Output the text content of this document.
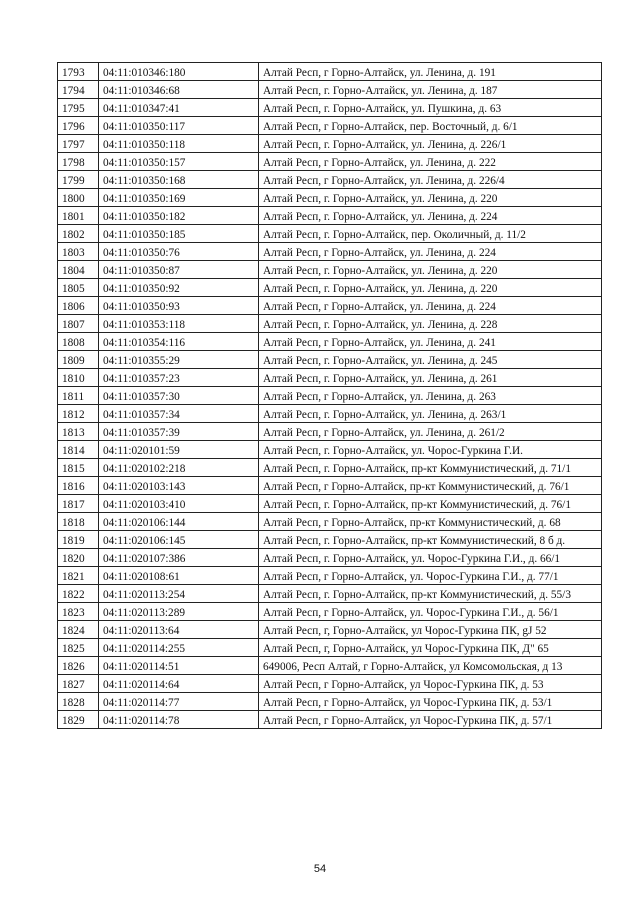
1793	04:11:010346:180	Алтай Респ, г Горно-Алтайск, ул. Ленина, д. 191
1794	04:11:010346:68	Алтай Респ, г. Горно-Алтайск, ул. Ленина, д. 187
1795	04:11:010347:41	Алтай Респ, г. Горно-Алтайск, ул. Пушкина, д. 63
1796	04:11:010350:117	Алтай Респ, г Горно-Алтайск, пер. Восточный, д. 6/1
1797	04:11:010350:118	Алтай Респ, г. Горно-Алтайск, ул. Ленина, д. 226/1
1798	04:11:010350:157	Алтай Респ, г Горно-Алтайск, ул. Ленина, д. 222
1799	04:11:010350:168	Алтай Респ, г Горно-Алтайск, ул. Ленина, д. 226/4
1800	04:11:010350:169	Алтай Респ, г. Горно-Алтайск, ул. Ленина, д. 220
1801	04:11:010350:182	Алтай Респ, г. Горно-Алтайск, ул. Ленина, д. 224
1802	04:11:010350:185	Алтай Респ, г. Горно-Алтайск, пер. Околичный, д. 11/2
1803	04:11:010350:76	Алтай Респ, г Горно-Алтайск, ул. Ленина, д. 224
1804	04:11:010350:87	Алтай Респ, г. Горно-Алтайск, ул. Ленина, д. 220
1805	04:11:010350:92	Алтай Респ, г. Горно-Алтайск, ул. Ленина, д. 220
1806	04:11:010350:93	Алтай Респ, г Горно-Алтайск, ул. Ленина, д. 224
1807	04:11:010353:118	Алтай Респ, г. Горно-Алтайск, ул. Ленина, д. 228
1808	04:11:010354:116	Алтай Респ, г Горно-Алтайск, ул. Ленина, д. 241
1809	04:11:010355:29	Алтай Респ, г. Горно-Алтайск, ул. Ленина, д. 245
1810	04:11:010357:23	Алтай Респ, г. Горно-Алтайск, ул. Ленина, д. 261
1811	04:11:010357:30	Алтай Респ, г Горно-Алтайск, ул. Ленина, д. 263
1812	04:11:010357:34	Алтай Респ, г. Горно-Алтайск, ул. Ленина, д. 263/1
1813	04:11:010357:39	Алтай Респ, г Горно-Алтайск, ул. Ленина, д. 261/2
1814	04:11:020101:59	Алтай Респ, г. Горно-Алтайск, ул. Чорос-Гуркина Г.И.
1815	04:11:020102:218	Алтай Респ, г. Горно-Алтайск, пр-кт Коммунистический, д. 71/1
1816	04:11:020103:143	Алтай Респ, г Горно-Алтайск, пр-кт Коммунистический, д. 76/1
1817	04:11:020103:410	Алтай Респ, г. Горно-Алтайск, пр-кт Коммунистический, д. 76/1
1818	04:11:020106:144	Алтай Респ, г Горно-Алтайск, пр-кт Коммунистический, д. 68
1819	04:11:020106:145	Алтай Респ, г. Горно-Алтайск, пр-кт Коммунистический, 8 б д.
1820	04:11:020107:386	Алтай Респ, г. Горно-Алтайск, ул. Чорос-Гуркина Г.И., д. 66/1
1821	04:11:020108:61	Алтай Респ, г Горно-Алтайск, ул. Чорос-Гуркина Г.И., д. 77/1
1822	04:11:020113:254	Алтай Респ, г. Горно-Алтайск, пр-кт Коммунистический, д. 55/3
1823	04:11:020113:289	Алтай Респ, г Горно-Алтайск, ул. Чорос-Гуркина Г.И., д. 56/1
1824	04:11:020113:64	Алтай Респ, г, Горно-Алтайск, ул Чорос-Гуркина ПК, gJ 52
1825	04:11:020114:255	Алтай Респ, г, Горно-Алтайск, ул Чорос-Гуркина ПК, Д" 65
1826	04:11:020114:51	649006, Респ Алтай, г Горно-Алтайск, ул Комсомольская, д 13
1827	04:11:020114:64	Алтай Респ, г Горно-Алтайск, ул Чорос-Гуркина ПК, д. 53
1828	04:11:020114:77	Алтай Респ, г Горно-Алтайск, ул Чорос-Гуркина ПК, д. 53/1
1829	04:11:020114:78	Алтай Респ, г Горно-Алтайск, ул Чорос-Гуркина ПК, д. 57/1
54
